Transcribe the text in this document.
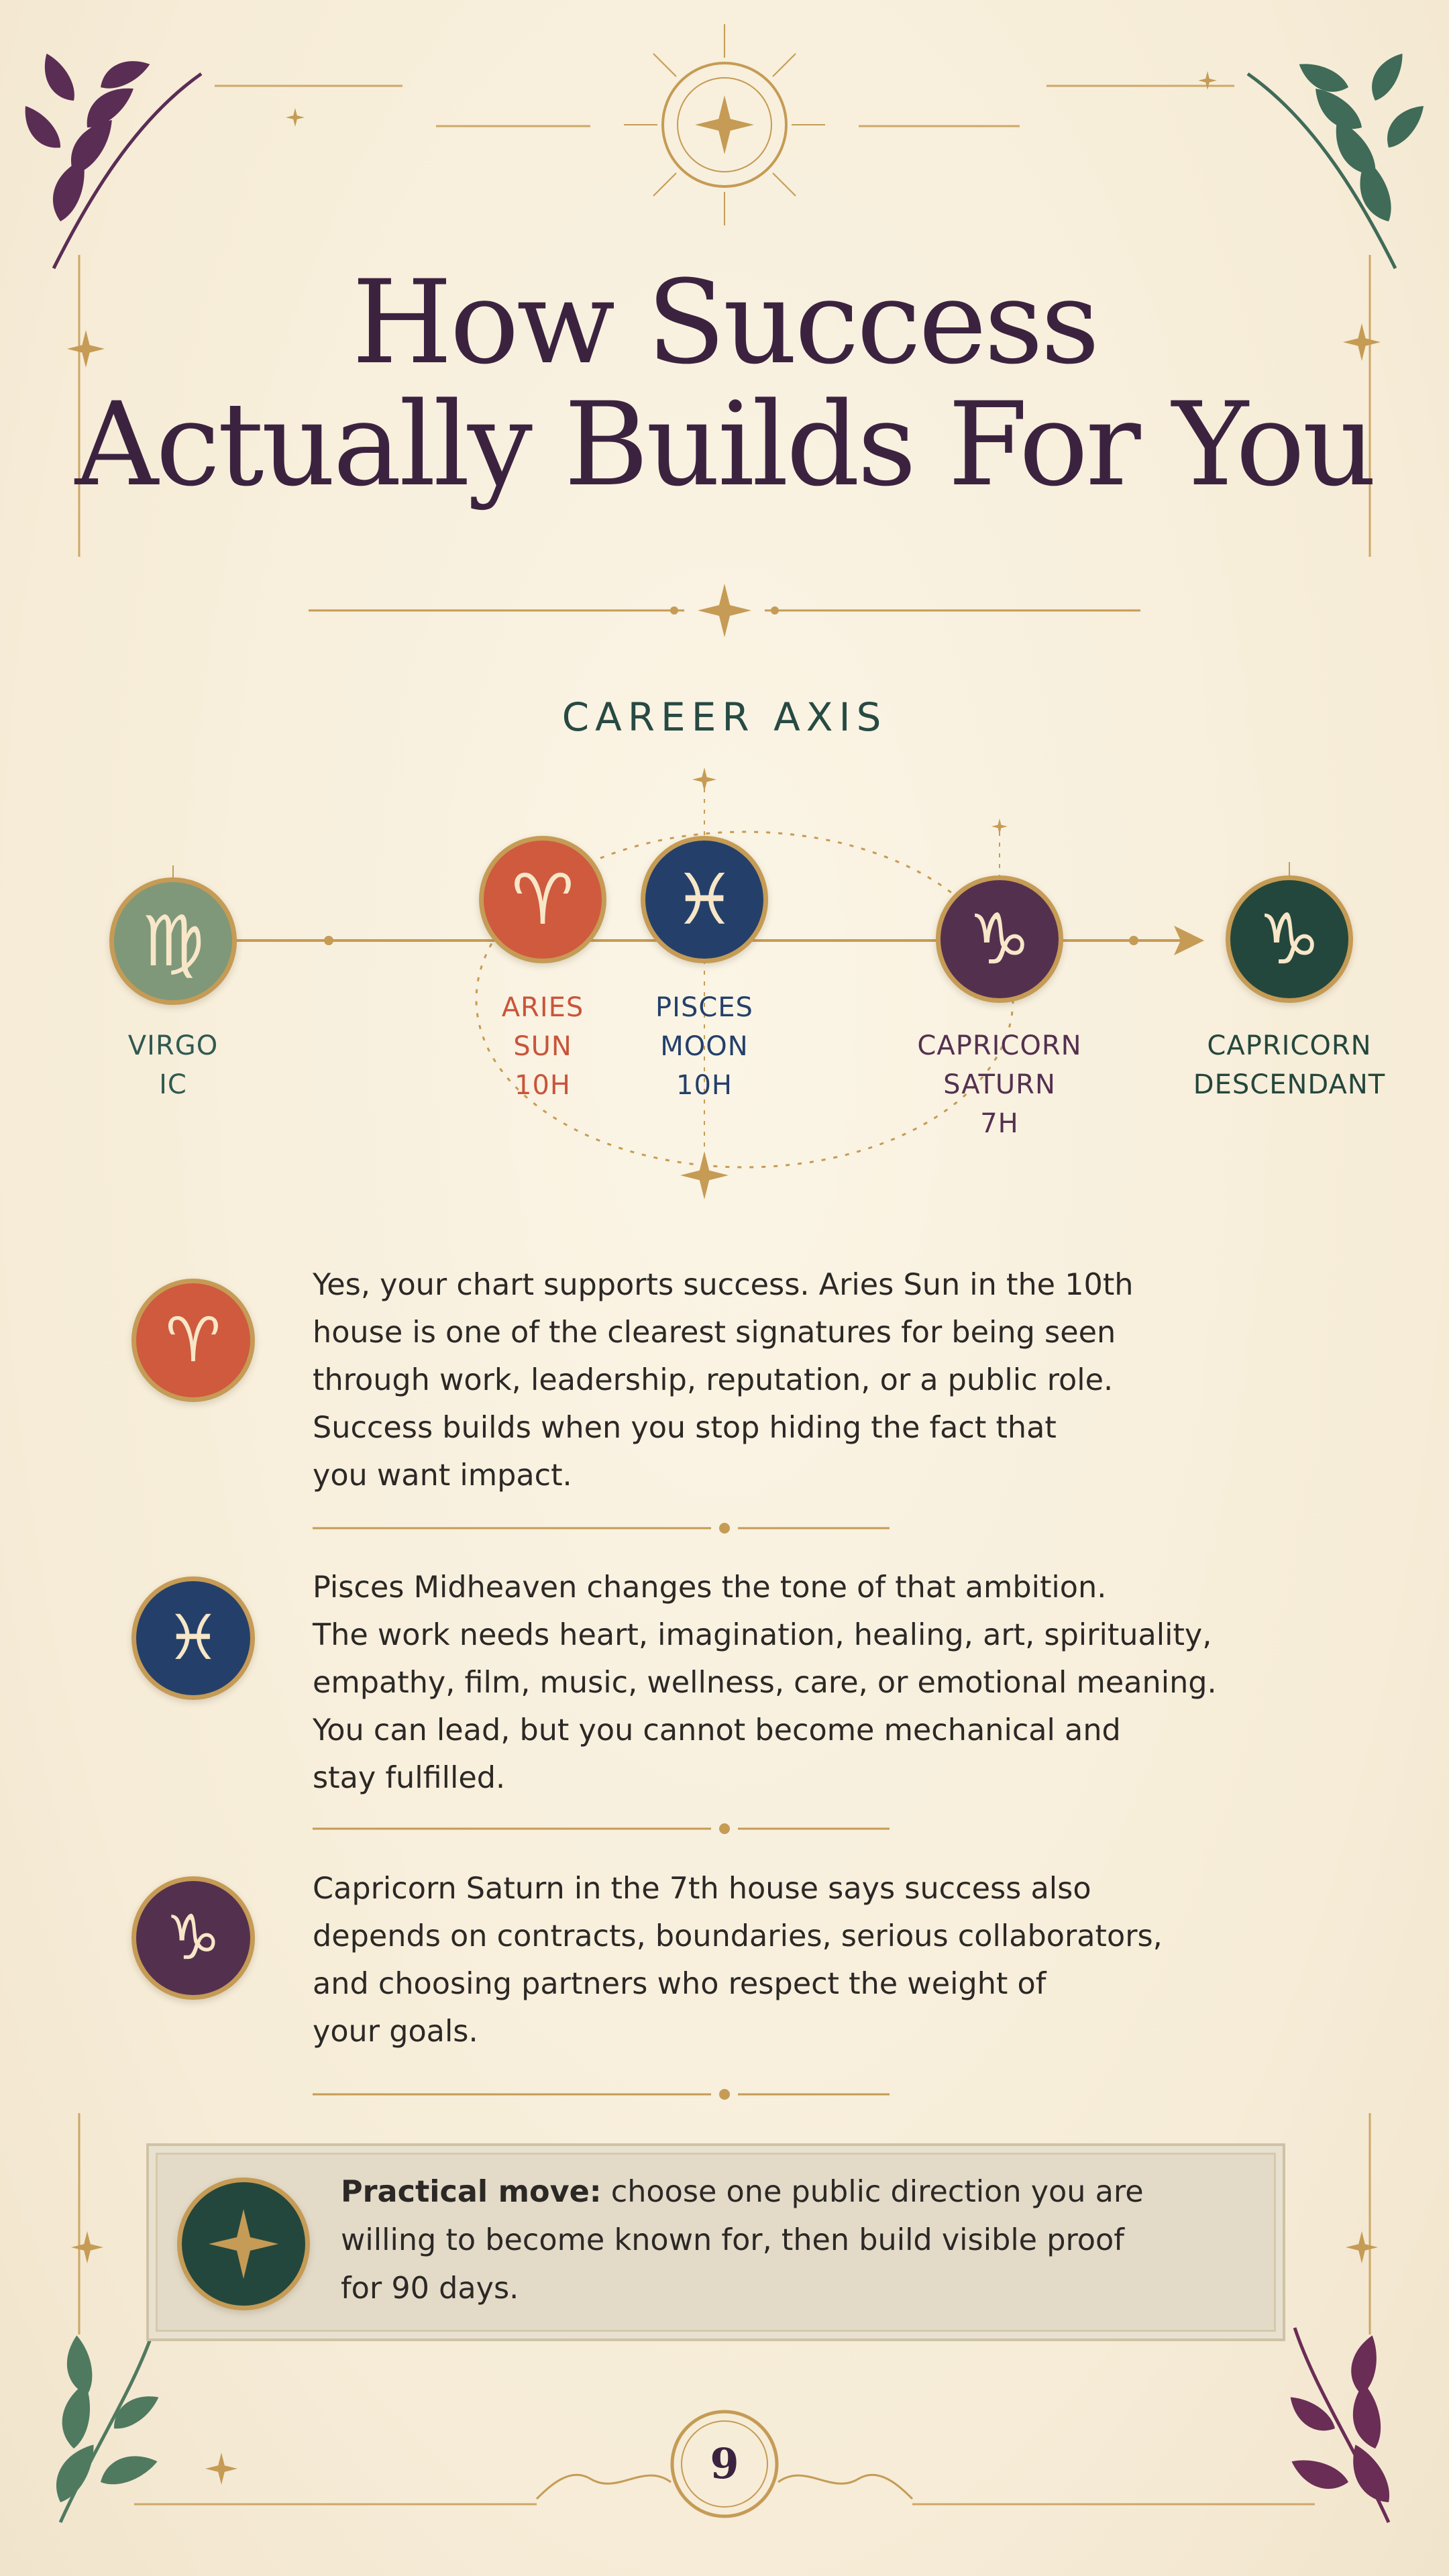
How Success
Actually Builds For You
CAREER AXIS
♍
♈ ♓	♑	♑
VIRGO
IC
ARIES
SUN
10H
PISCES
MOON
10H
CAPRICORN
SATURN
7H
CAPRICORN
DESCENDANT
♈
Yes, your chart supports success. Aries Sun in the 10th
house is one of the clearest signatures for being seen
through work, leadership, reputation, or a public role.
Success builds when you stop hiding the fact that
you want impact.
♓
Pisces Midheaven changes the tone of that ambition.
The work needs heart, imagination, healing, art, spirituality,
empathy, film, music, wellness, care, or emotional meaning.
You can lead, but you cannot become mechanical and
stay fulfilled.
♑
Capricorn Saturn in the 7th house says success also
depends on contracts, boundaries, serious collaborators,
and choosing partners who respect the weight of
your goals.
Practical move: choose one public direction you are
willing to become known for, then build visible proof
for 90 days.
9
